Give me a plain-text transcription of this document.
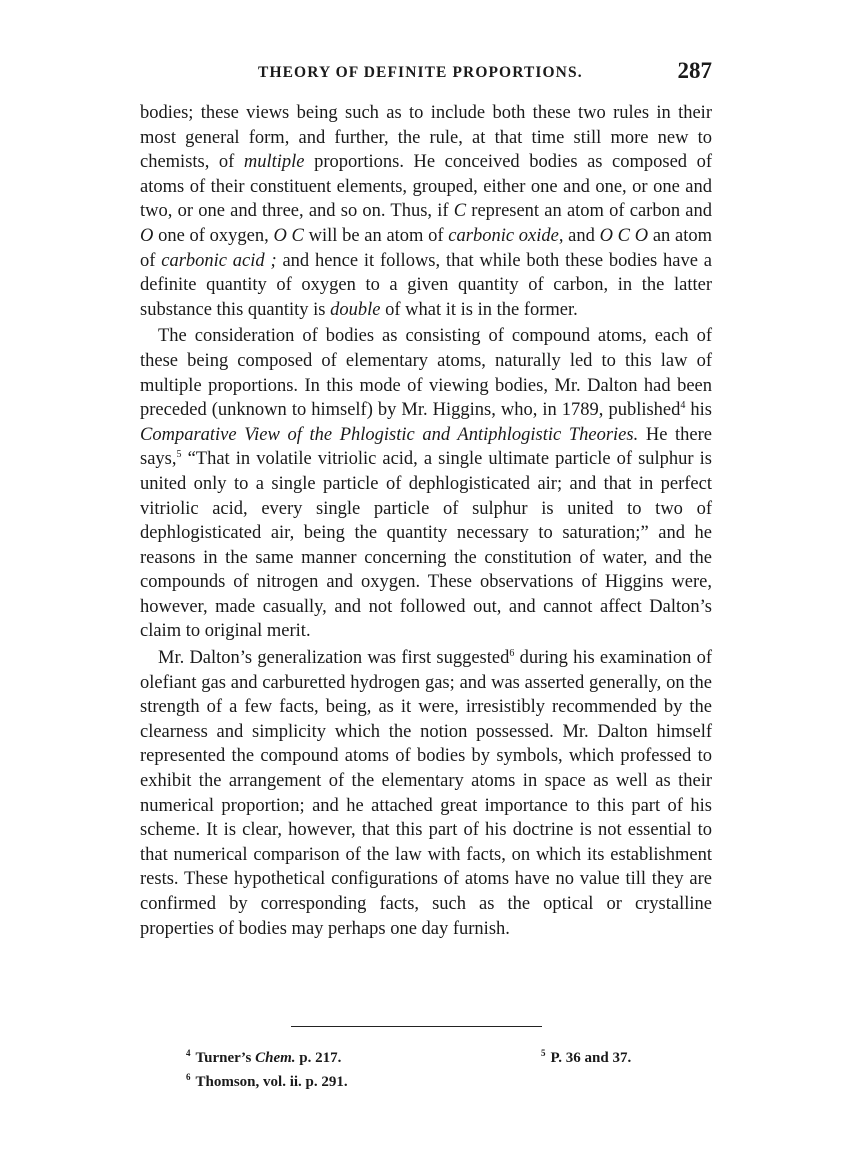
THEORY OF DEFINITE PROPORTIONS.	287

bodies; these views being such as to include both these two rules in their most general form, and further, the rule, at that time still more new to chemists, of multiple proportions. He conceived bodies as composed of atoms of their constituent elements, grouped, either one and one, or one and two, or one and three, and so on. Thus, if C represent an atom of carbon and O one of oxygen, O C will be an atom of carbonic oxide, and O C O an atom of carbonic acid ; and hence it follows, that while both these bodies have a definite quantity of oxygen to a given quantity of carbon, in the latter substance this quantity is double of what it is in the former.

The consideration of bodies as consisting of compound atoms, each of these being composed of elementary atoms, naturally led to this law of multiple proportions. In this mode of viewing bodies, Mr. Dalton had been preceded (unknown to himself) by Mr. Higgins, who, in 1789, published$^4$ his Comparative View of the Phlogistic and Antiphlogistic Theories. He there says,$^5$ “That in volatile vitriolic acid, a single ultimate particle of sulphur is united only to a single particle of dephlogisticated air; and that in perfect vitriolic acid, every single particle of sulphur is united to two of dephlogisticated air, being the quantity necessary to saturation;” and he reasons in the same manner concerning the constitution of water, and the compounds of nitrogen and oxygen. These observations of Higgins were, however, made casually, and not followed out, and cannot affect Dalton’s claim to original merit.

Mr. Dalton’s generalization was first suggested$^6$ during his examination of olefiant gas and carburetted hydrogen gas; and was asserted generally, on the strength of a few facts, being, as it were, irresistibly recommended by the clearness and simplicity which the notion possessed. Mr. Dalton himself represented the compound atoms of bodies by symbols, which professed to exhibit the arrangement of the elementary atoms in space as well as their numerical proportion; and he attached great importance to this part of his scheme. It is clear, however, that this part of his doctrine is not essential to that numerical comparison of the law with facts, on which its establishment rests. These hypothetical configurations of atoms have no value till they are confirmed by corresponding facts, such as the optical or crystalline properties of bodies may perhaps one day furnish.

$^4$ Turner’s Chem. p. 217.
$^6$ Thomson, vol. ii. p. 291.
$^5$ P. 36 and 37.
